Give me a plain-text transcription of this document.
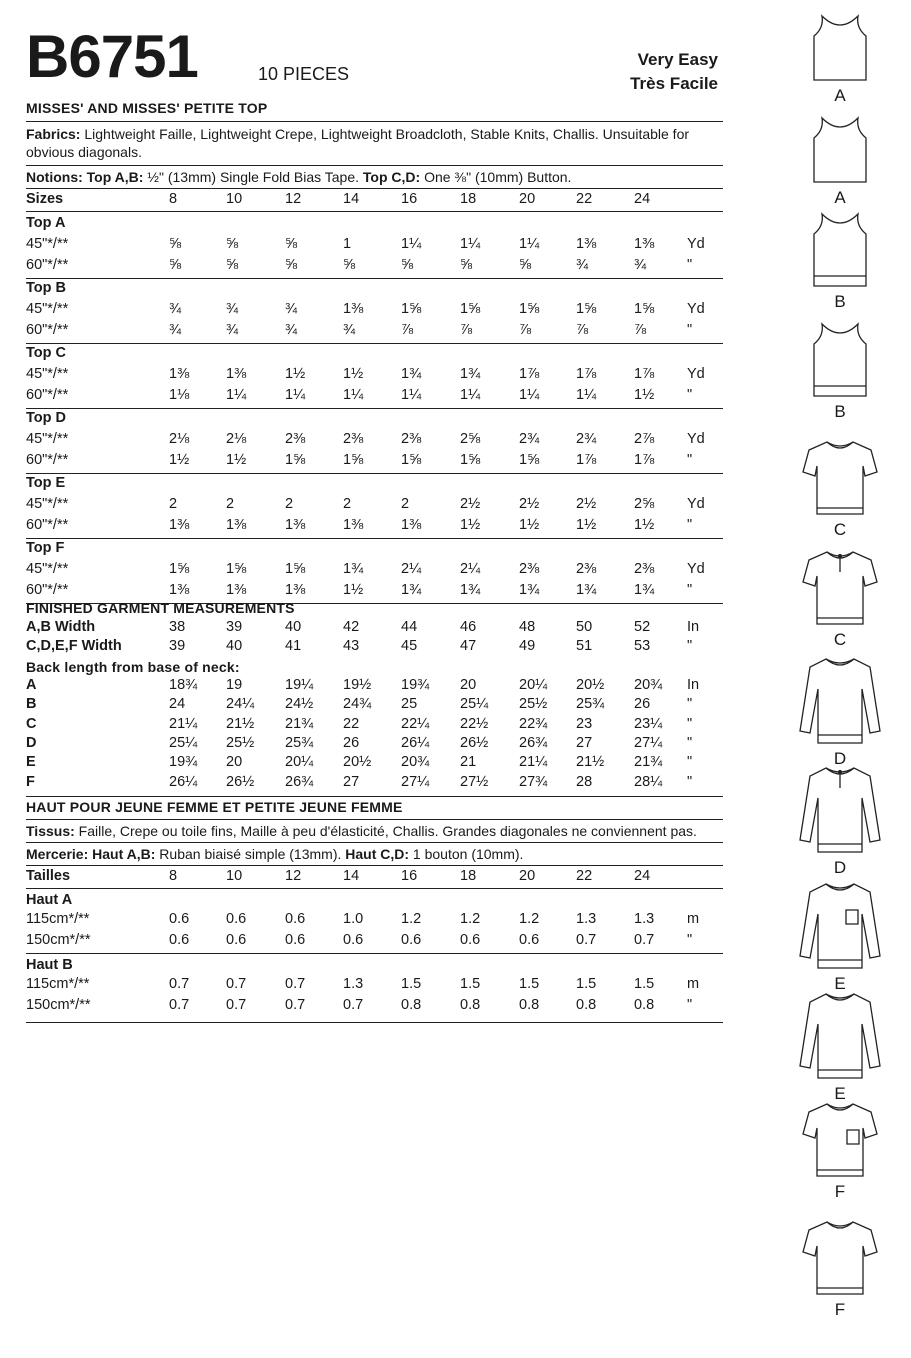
B6751	10 PIECES
Very Easy
Très Facile
MISSES' AND MISSES' PETITE TOP
Fabrics: Lightweight Faille, Lightweight Crepe, Lightweight Broadcloth, Stable Knits, Challis. Unsuitable for obvious diagonals.
Notions: Top A,B: ½" (13mm) Single Fold Bias Tape. Top C,D: One ⅜" (10mm) Button.
Sizes	8	10	12	14	16	18	20	22	24
Top A
45"*/**	⅝	⅝	⅝	1	1¼	1¼	1¼	1⅜	1⅜ Yd
60"*/**	⅝	⅝	⅝	⅝	⅝	⅝	⅝	¾	¾	"
Top B
45"*/**	¾	¾	¾	1⅜	1⅝	1⅝	1⅝	1⅝	1⅝ Yd
60"*/**	¾	¾	¾	¾	⅞	⅞	⅞	⅞	⅞	"
Top C
45"*/**	1⅜	1⅜	1½	1½	1¾	1¾	1⅞	1⅞	1⅞ Yd
60"*/**	1⅛	1¼	1¼	1¼	1¼	1¼	1¼	1¼	1½ "
Top D
45"*/**	2⅛	2⅛	2⅜	2⅜	2⅜	2⅝	2¾	2¾	2⅞ Yd
60"*/**	1½	1½	1⅝	1⅝	1⅝	1⅝	1⅝	1⅞	1⅞ "
Top E
45"*/**	2	2	2	2	2	2½	2½	2½	2⅝ Yd
60"*/**	1⅜	1⅜	1⅜	1⅜	1⅜	1½	1½	1½	1½ "
Top F
45"*/**	1⅝	1⅝	1⅝	1¾	2¼	2¼	2⅜	2⅜	2⅜ Yd
60"*/**	1⅜	1⅜	1⅜	1½	1¾	1¾	1¾	1¾	1¾ "
FINISHED GARMENT MEASUREMENTS
A,B Width	38	39	40	42	44	46	48	50	52	In
C,D,E,F Width	39	40	41	43	45	47	49	51	53	"
Back length from base of neck:
A	18¾ 19	19¼ 19½ 19¾ 20	20¼ 20½ 20¾ In
B	24	24¼ 24½ 24¾ 25	25¼ 25½ 25¾ 26	"
C	21¼ 21½ 21¾ 22	22¼ 22½ 22¾ 23	23¼ "
D	25¼ 25½ 25¾ 26	26¼ 26½ 26¾ 27	27¼ "
E	19¾ 20	20¼ 20½ 20¾ 21	21¼ 21½ 21¾ "
F	26¼ 26½ 26¾ 27	27¼ 27½ 27¾ 28	28¼ "
HAUT POUR JEUNE FEMME ET PETITE JEUNE FEMME
Tissus: Faille, Crepe ou toile fins, Maille à peu d'élasticité, Challis. Grandes diagonales ne conviennent pas.
Mercerie: Haut A,B: Ruban biaisé simple (13mm). Haut C,D: 1 bouton (10mm).
Tailles	8	10	12	14	16	18	20	22	24
Haut A
115cm*/**	0.6	0.6	0.6	1.0	1.2	1.2	1.2	1.3	1.3 m
150cm*/**	0.6	0.6	0.6	0.6	0.6	0.6	0.6	0.7	0.7 "
Haut B
115cm*/**	0.7	0.7	0.7	1.3	1.5	1.5	1.5	1.5	1.5 m
150cm*/**	0.7	0.7	0.7	0.7	0.8	0.8	0.8	0.8	0.8 "
A
A
B
B
C
C
D
D
E
E
F
F
